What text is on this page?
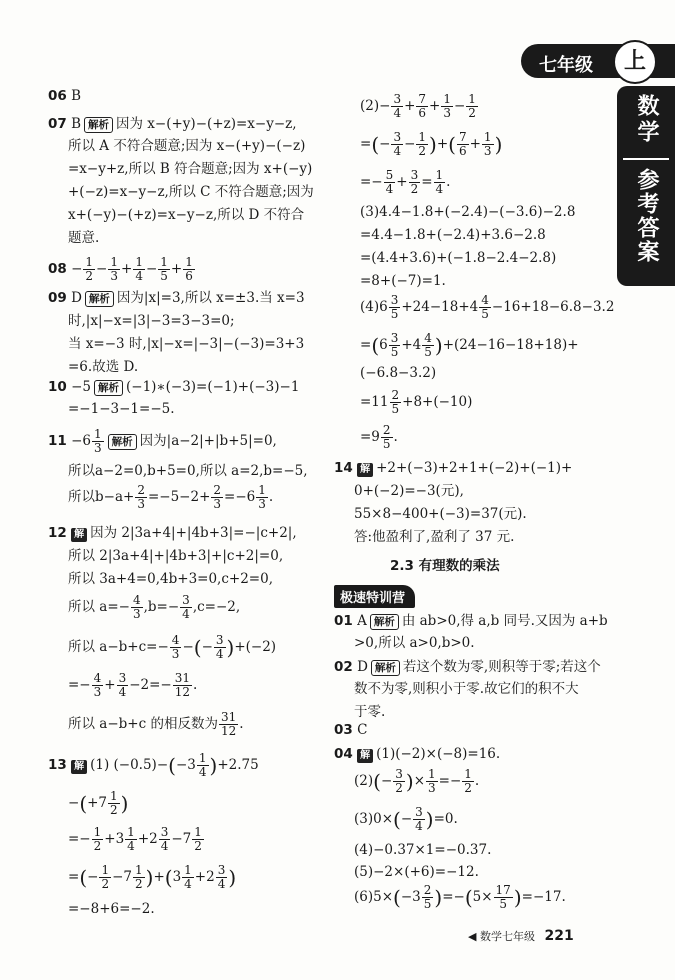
七年级	上
数学
参考答案
06 B
07 B 解析 因为 x−(+y)−(+z)=x−y−z,
所以 A 不符合题意;因为 x−(+y)−(−z)
=x−y+z,所以 B 符合题意;因为 x+(−y)
+(−z)=x−y−z,所以 C 不符合题意;因为
x+(−y)−(+z)=x−y−z,所以 D 不符合
题意.
$08 - \frac{1}{2} - \frac{1}{3} + \frac{1}{4} - \frac{1}{5} + \frac{1}{6}$
09 D 解析 因为|x|=3,所以 x=±3.当 x=3
时,|x|−x=|3|−3=3−3=0;
当 x=−3 时,|x|−x=|−3|−(−3)=3+3
=6.故选 D.
10 −5 解析 (−1)∗(−3)=(−1)+(−3)−1
=−1−3−1=−5.
$11 -6 \frac{1}{3}$ 解析 因为|a−2|+|b+5|=0,
所以a−2=0,b+5=0,所以 a=2,b=−5,
所以$b-a+ \frac{2}{3} =-5-2+ \frac{2}{3} =-6 \frac{1}{3}$ .
12 解 因为 2|3a+4|+|4b+3|=−|c+2|,
所以 2|3a+4|+|4b+3|+|c+2|=0,
所以 3a+4=0,4b+3=0,c+2=0,
所以 $a=- \frac{4}{3} ,b=- \frac{3}{4} ,c=-2$,
所以 $a-b+c=- \frac{4}{3}$ −(− $\frac{3}{4} )+(-2)$
=− $\frac{4}{3} + \frac{3}{4} -2=- \frac{31}{12}$ .
所以 a−b+c 的相反数为 $\frac{31}{12}$ .
13 解 (1) $(-0.5)-(-3 \frac{1}{4} )+2.75$
$-(+7 \frac{1}{2}$ )
=− $\frac{1}{2} +3 \frac{1}{4} +2 \frac{3}{4} -7 \frac{1}{2}$
=(− $\frac{1}{2} -7 \frac{1}{2} )+(3 \frac{1}{4} +2 \frac{3}{4}$ )
=−8+6=−2.
$(2)- \frac{3}{4} + \frac{7}{6} + \frac{1}{3} - \frac{1}{2}$
=(− $\frac{3}{4} - \frac{1}{2}$ )+( $\frac{7}{6} + \frac{1}{3}$ )
=− $\frac{5}{4} + \frac{3}{2} = \frac{1}{4}$ .
(3)4.4−1.8+(−2.4)−(−3.6)−2.8
=4.4−1.8+(−2.4)+3.6−2.8
=(4.4+3.6)+(−1.8−2.4−2.8)
=8+(−7)=1.
$(4)6 \frac{3}{5} +24-18+4 \frac{4}{5} -16+18-6.8-3.2$
$=(6 \frac{3}{5} +4 \frac{4}{5} )+(24-16-18+18)+$
(−6.8−3.2)
$=11 \frac{2}{5} +8+(-10)$
$=9 \frac{2}{5}$ .
14 解 +2+(−3)+2+1+(−2)+(−1)+
0+(−2)=−3(元),
55×8−400+(−3)=37(元).
答:他盈利了,盈利了 37 元.
2.3 有理数的乘法
极速特训营
01 A 解析 由 ab>0,得 a,b 同号.又因为 a+b
>0,所以 a>0,b>0.
02 D 解析 若这个数为零,则积等于零;若这个
数不为零,则积小于零.故它们的积不大
于零.
03 C
04 解 (1)(−2)×(−8)=16.
$(2)(- \frac{3}{2}$ )× $\frac{1}{3} =- \frac{1}{2}$ .
$(3)0\times(- \frac{3}{4} )=0$.
(4)−0.37×1=−0.37.
(5)−2×(+6)=−12.
$(6)5\times(-3 \frac{2}{5} )=-(5\times \frac{17}{5} )=-17$.
◀ 数学七年级 221
